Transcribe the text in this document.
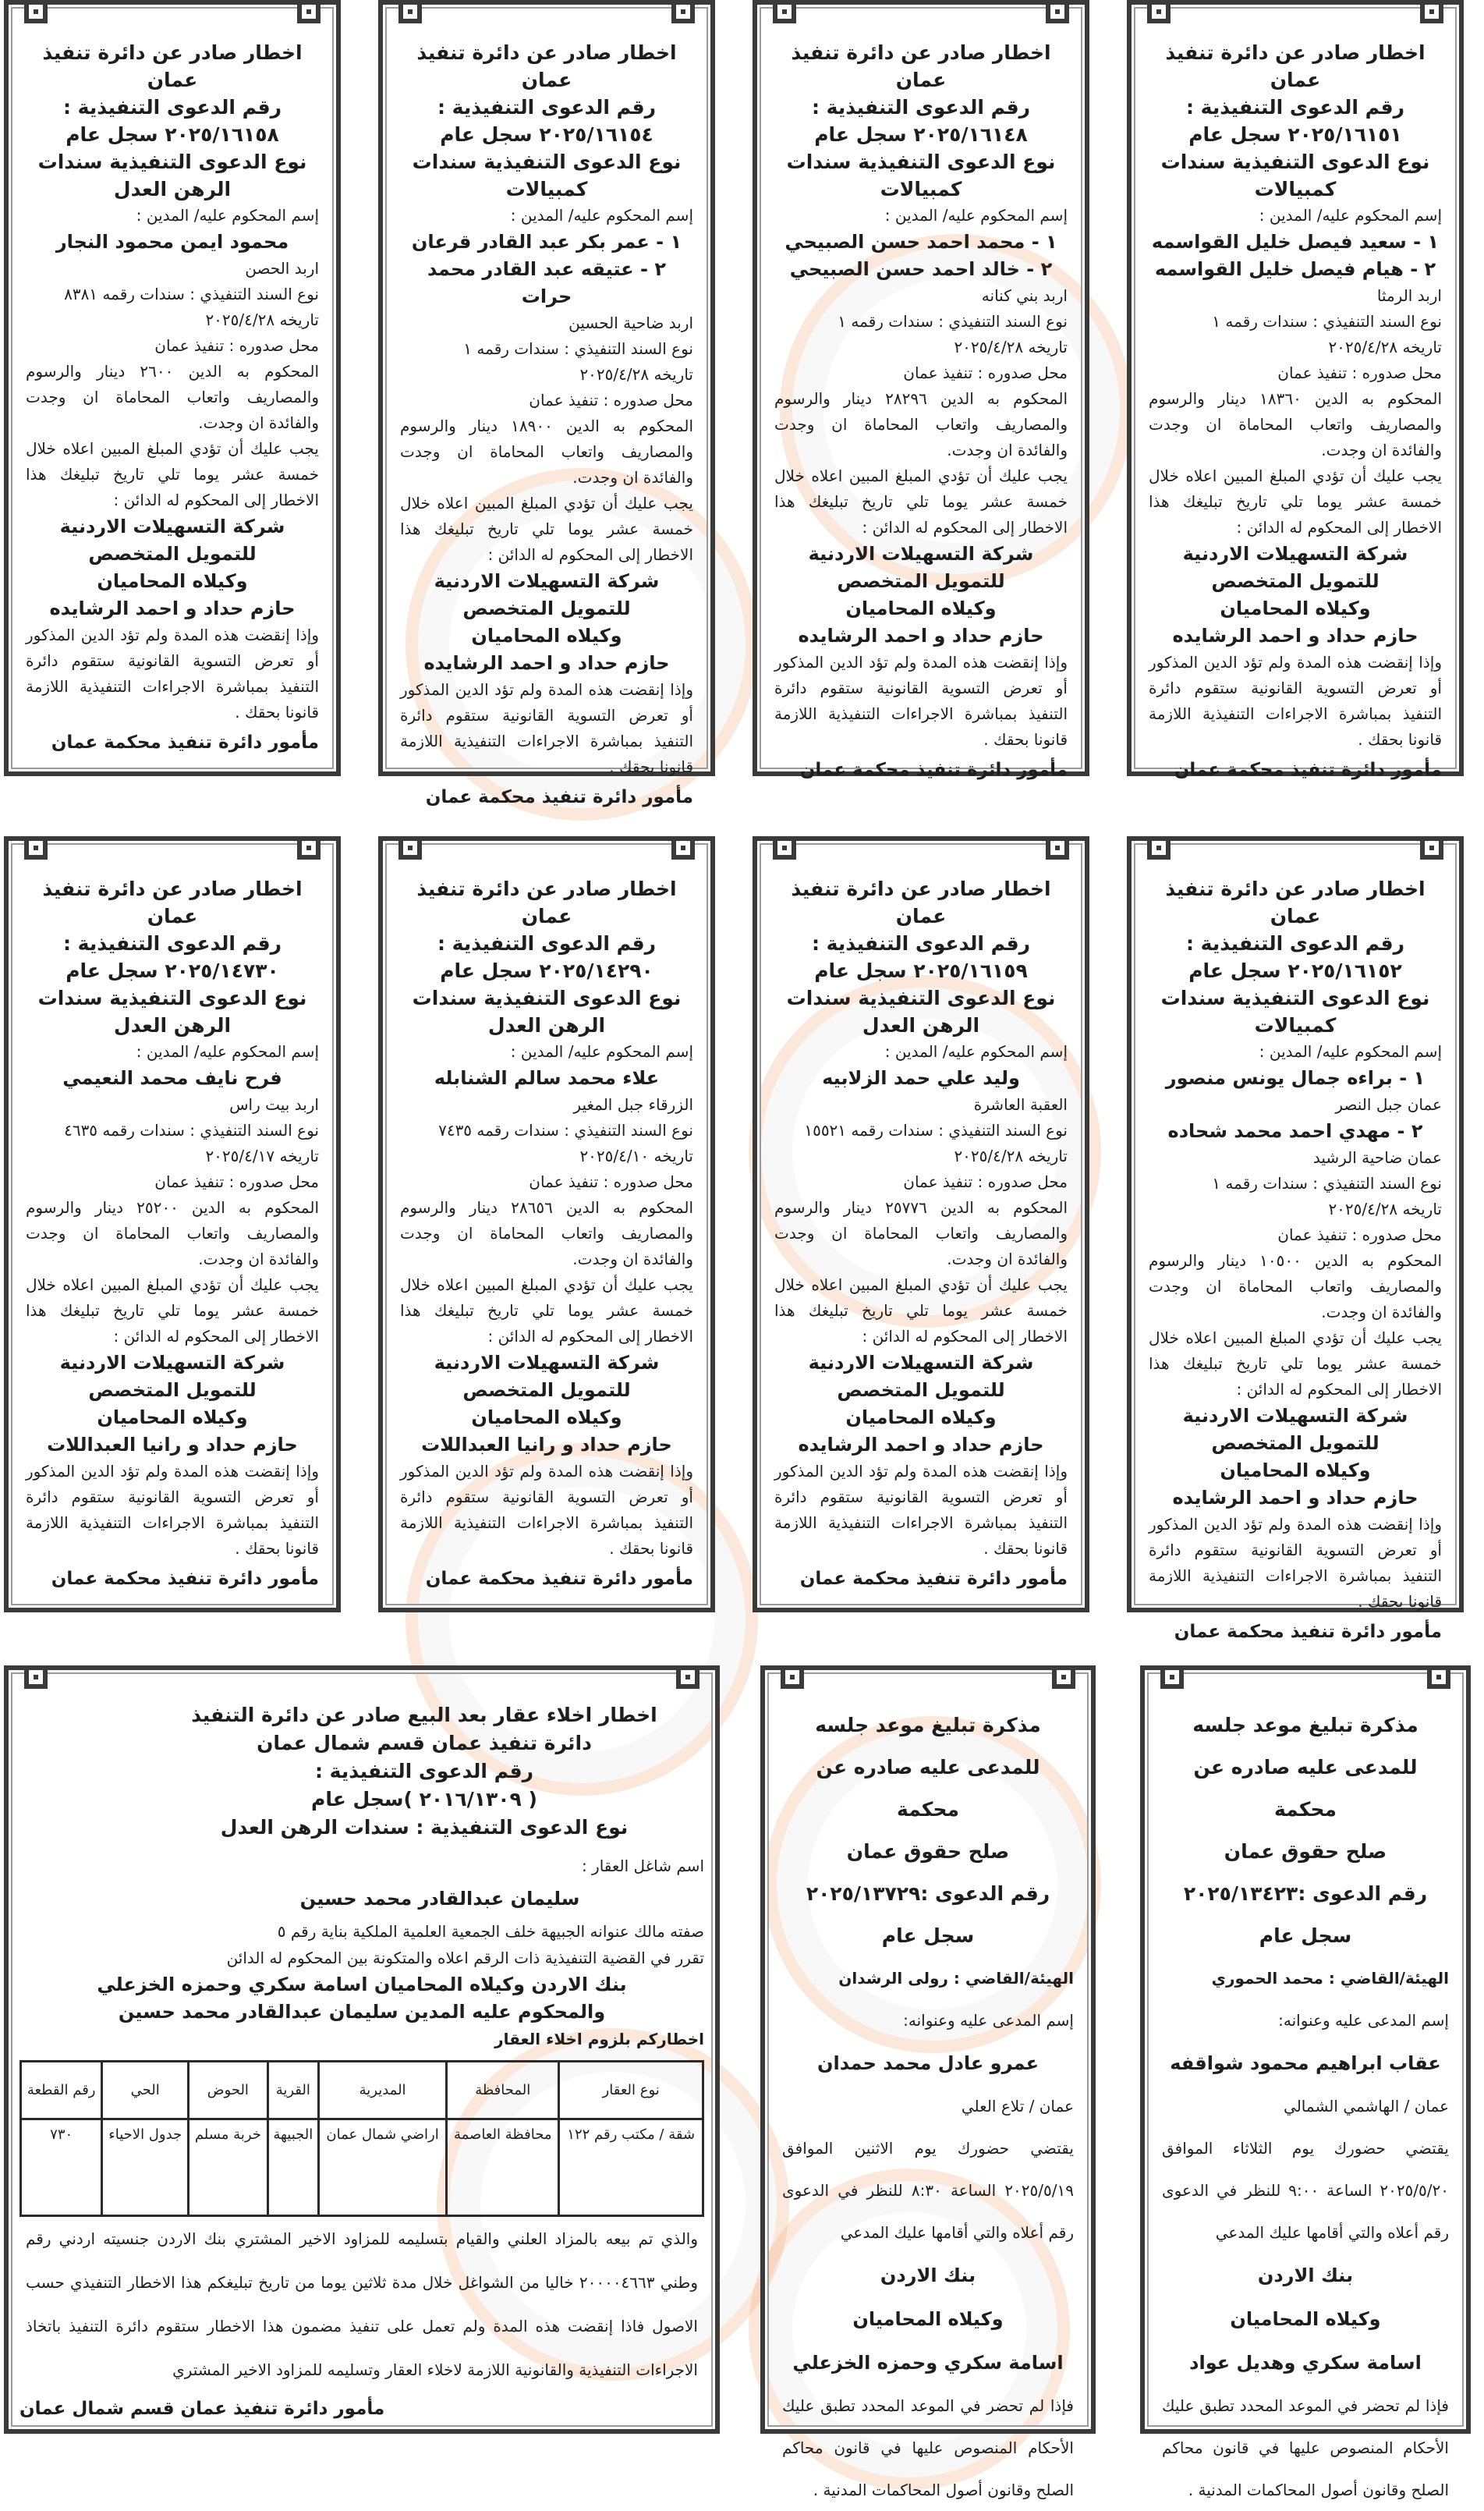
اخطار صادر عن دائرة تنفيذ عمان
رقم الدعوى التنفيذية :
٢٠٢٥/١٦١٥١ سجل عام
نوع الدعوى التنفيذية سندات كمبيالات
إسم المحكوم عليه/ المدين :
١ - سعيد فيصل خليل القواسمه
٢ - هيام فيصل خليل القواسمه
اربد الرمثا
نوع السند التنفيذي : سندات رقمه ١
تاريخه ٢٠٢٥/٤/٢٨
محل صدوره : تنفيذ عمان
المحكوم به الدين ١٨٣٦٠ دينار والرسوم والمصاريف واتعاب المحاماة ان وجدت والفائدة ان وجدت.
يجب عليك أن تؤدي المبلغ المبين اعلاه خلال خمسة عشر يوما تلي تاريخ تبليغك هذا الاخطار إلى المحكوم له الدائن :
شركة التسهيلات الاردنية للتمويل المتخصص
وكيلاه المحاميان
حازم حداد و احمد الرشايده
وإذا إنقضت هذه المدة ولم تؤد الدين المذكور أو تعرض التسوية القانونية ستقوم دائرة التنفيذ بمباشرة الاجراءات التنفيذية اللازمة قانونا بحقك .
مأمور دائرة تنفيذ محكمة عمان
اخطار صادر عن دائرة تنفيذ عمان
رقم الدعوى التنفيذية :
٢٠٢٥/١٦١٤٨ سجل عام
نوع الدعوى التنفيذية سندات كمبيالات
إسم المحكوم عليه/ المدين :
١ - محمد احمد حسن الصبيحي
٢ - خالد احمد حسن الصبيحي
اربد بني كنانه
نوع السند التنفيذي : سندات رقمه ١
تاريخه ٢٠٢٥/٤/٢٨
محل صدوره : تنفيذ عمان
المحكوم به الدين ٢٨٢٩٦ دينار والرسوم والمصاريف واتعاب المحاماة ان وجدت والفائدة ان وجدت.
يجب عليك أن تؤدي المبلغ المبين اعلاه خلال خمسة عشر يوما تلي تاريخ تبليغك هذا الاخطار إلى المحكوم له الدائن :
شركة التسهيلات الاردنية للتمويل المتخصص
وكيلاه المحاميان
حازم حداد و احمد الرشايده
وإذا إنقضت هذه المدة ولم تؤد الدين المذكور أو تعرض التسوية القانونية ستقوم دائرة التنفيذ بمباشرة الاجراءات التنفيذية اللازمة قانونا بحقك .
مأمور دائرة تنفيذ محكمة عمان
اخطار صادر عن دائرة تنفيذ عمان
رقم الدعوى التنفيذية :
٢٠٢٥/١٦١٥٤ سجل عام
نوع الدعوى التنفيذية سندات كمبيالات
إسم المحكوم عليه/ المدين :
١ - عمر بكر عبد القادر قرعان
٢ - عتيقه عبد القادر محمد حرات
اربد ضاحية الحسين
نوع السند التنفيذي : سندات رقمه ١
تاريخه ٢٠٢٥/٤/٢٨
محل صدوره : تنفيذ عمان
المحكوم به الدين ١٨٩٠٠ دينار والرسوم والمصاريف واتعاب المحاماة ان وجدت والفائدة ان وجدت.
يجب عليك أن تؤدي المبلغ المبين اعلاه خلال خمسة عشر يوما تلي تاريخ تبليغك هذا الاخطار إلى المحكوم له الدائن :
شركة التسهيلات الاردنية للتمويل المتخصص
وكيلاه المحاميان
حازم حداد و احمد الرشايده
وإذا إنقضت هذه المدة ولم تؤد الدين المذكور أو تعرض التسوية القانونية ستقوم دائرة التنفيذ بمباشرة الاجراءات التنفيذية اللازمة قانونا بحقك .
مأمور دائرة تنفيذ محكمة عمان
اخطار صادر عن دائرة تنفيذ عمان
رقم الدعوى التنفيذية :
٢٠٢٥/١٦١٥٨ سجل عام
نوع الدعوى التنفيذية سندات الرهن العدل
إسم المحكوم عليه/ المدين :
محمود ايمن محمود النجار
اربد الحصن
نوع السند التنفيذي : سندات رقمه ٨٣٨١
تاريخه ٢٠٢٥/٤/٢٨
محل صدوره : تنفيذ عمان
المحكوم به الدين ٢٦٠٠ دينار والرسوم والمصاريف واتعاب المحاماة ان وجدت والفائدة ان وجدت.
يجب عليك أن تؤدي المبلغ المبين اعلاه خلال خمسة عشر يوما تلي تاريخ تبليغك هذا الاخطار إلى المحكوم له الدائن :
شركة التسهيلات الاردنية للتمويل المتخصص
وكيلاه المحاميان
حازم حداد و احمد الرشايده
وإذا إنقضت هذه المدة ولم تؤد الدين المذكور أو تعرض التسوية القانونية ستقوم دائرة التنفيذ بمباشرة الاجراءات التنفيذية اللازمة قانونا بحقك .
مأمور دائرة تنفيذ محكمة عمان
اخطار صادر عن دائرة تنفيذ عمان
رقم الدعوى التنفيذية :
٢٠٢٥/١٦١٥٢ سجل عام
نوع الدعوى التنفيذية سندات كمبيالات
إسم المحكوم عليه/ المدين :
١ - براءه جمال يونس منصور
عمان جبل النصر
٢ - مهدي احمد محمد شحاده
عمان ضاحية الرشيد
نوع السند التنفيذي : سندات رقمه ١
تاريخه ٢٠٢٥/٤/٢٨
محل صدوره : تنفيذ عمان
المحكوم به الدين ١٠٥٠٠ دينار والرسوم والمصاريف واتعاب المحاماة ان وجدت والفائدة ان وجدت.
يجب عليك أن تؤدي المبلغ المبين اعلاه خلال خمسة عشر يوما تلي تاريخ تبليغك هذا الاخطار إلى المحكوم له الدائن :
شركة التسهيلات الاردنية للتمويل المتخصص
وكيلاه المحاميان
حازم حداد و احمد الرشايده
وإذا إنقضت هذه المدة ولم تؤد الدين المذكور أو تعرض التسوية القانونية ستقوم دائرة التنفيذ بمباشرة الاجراءات التنفيذية اللازمة قانونا بحقك .
مأمور دائرة تنفيذ محكمة عمان
اخطار صادر عن دائرة تنفيذ عمان
رقم الدعوى التنفيذية :
٢٠٢٥/١٦١٥٩ سجل عام
نوع الدعوى التنفيذية سندات الرهن العدل
إسم المحكوم عليه/ المدين :
وليد علي حمد الزلابيه
العقبة العاشرة
نوع السند التنفيذي : سندات رقمه ١٥٥٢١
تاريخه ٢٠٢٥/٤/٢٨
محل صدوره : تنفيذ عمان
المحكوم به الدين ٢٥٧٧٦ دينار والرسوم والمصاريف واتعاب المحاماة ان وجدت والفائدة ان وجدت.
يجب عليك أن تؤدي المبلغ المبين اعلاه خلال خمسة عشر يوما تلي تاريخ تبليغك هذا الاخطار إلى المحكوم له الدائن :
شركة التسهيلات الاردنية للتمويل المتخصص
وكيلاه المحاميان
حازم حداد و احمد الرشايده
وإذا إنقضت هذه المدة ولم تؤد الدين المذكور أو تعرض التسوية القانونية ستقوم دائرة التنفيذ بمباشرة الاجراءات التنفيذية اللازمة قانونا بحقك .
مأمور دائرة تنفيذ محكمة عمان
اخطار صادر عن دائرة تنفيذ عمان
رقم الدعوى التنفيذية :
٢٠٢٥/١٤٢٩٠ سجل عام
نوع الدعوى التنفيذية سندات الرهن العدل
إسم المحكوم عليه/ المدين :
علاء محمد سالم الشنابله
الزرقاء جبل المغير
نوع السند التنفيذي : سندات رقمه ٧٤٣٥
تاريخه ٢٠٢٥/٤/١٠
محل صدوره : تنفيذ عمان
المحكوم به الدين ٢٨٦٥٦ دينار والرسوم والمصاريف واتعاب المحاماة ان وجدت والفائدة ان وجدت.
يجب عليك أن تؤدي المبلغ المبين اعلاه خلال خمسة عشر يوما تلي تاريخ تبليغك هذا الاخطار إلى المحكوم له الدائن :
شركة التسهيلات الاردنية للتمويل المتخصص
وكيلاه المحاميان
حازم حداد و رانيا العبداللات
وإذا إنقضت هذه المدة ولم تؤد الدين المذكور أو تعرض التسوية القانونية ستقوم دائرة التنفيذ بمباشرة الاجراءات التنفيذية اللازمة قانونا بحقك .
مأمور دائرة تنفيذ محكمة عمان
اخطار صادر عن دائرة تنفيذ عمان
رقم الدعوى التنفيذية :
٢٠٢٥/١٤٧٣٠ سجل عام
نوع الدعوى التنفيذية سندات الرهن العدل
إسم المحكوم عليه/ المدين :
فرح نايف محمد النعيمي
اربد بيت راس
نوع السند التنفيذي : سندات رقمه ٤٦٣٥
تاريخه ٢٠٢٥/٤/١٧
محل صدوره : تنفيذ عمان
المحكوم به الدين ٢٥٢٠٠ دينار والرسوم والمصاريف واتعاب المحاماة ان وجدت والفائدة ان وجدت.
يجب عليك أن تؤدي المبلغ المبين اعلاه خلال خمسة عشر يوما تلي تاريخ تبليغك هذا الاخطار إلى المحكوم له الدائن :
شركة التسهيلات الاردنية للتمويل المتخصص
وكيلاه المحاميان
حازم حداد و رانيا العبداللات
وإذا إنقضت هذه المدة ولم تؤد الدين المذكور أو تعرض التسوية القانونية ستقوم دائرة التنفيذ بمباشرة الاجراءات التنفيذية اللازمة قانونا بحقك .
مأمور دائرة تنفيذ محكمة عمان
مذكرة تبليغ موعد جلسه
للمدعى عليه صادره عن محكمة
صلح حقوق عمان
رقم الدعوى :٢٠٢٥/١٣٤٢٣
سجل عام
الهيئة/القاضي : محمد الحموري
إسم المدعى عليه وعنوانه:
عقاب ابراهيم محمود شواقفه
عمان / الهاشمي الشمالي
يقتضي حضورك يوم الثلاثاء الموافق ٢٠٢٥/٥/٢٠ الساعة ٩:٠٠ للنظر في الدعوى رقم أعلاه والتي أقامها عليك المدعي
بنك الاردن
وكيلاه المحاميان
اسامة سكري وهديل عواد
فإذا لم تحضر في الموعد المحدد تطبق عليك الأحكام المنصوص عليها في قانون محاكم الصلح وقانون أصول المحاكمات المدنية .
مذكرة تبليغ موعد جلسه
للمدعى عليه صادره عن محكمة
صلح حقوق عمان
رقم الدعوى :٢٠٢٥/١٣٧٢٩
سجل عام
الهيئة/القاضي : رولى الرشدان
إسم المدعى عليه وعنوانه:
عمرو عادل محمد حمدان
عمان / تلاع العلي
يقتضي حضورك يوم الاثنين الموافق ٢٠٢٥/٥/١٩ الساعة ٨:٣٠ للنظر في الدعوى رقم أعلاه والتي أقامها عليك المدعي
بنك الاردن
وكيلاه المحاميان
اسامة سكري وحمزه الخزعلي
فإذا لم تحضر في الموعد المحدد تطبق عليك الأحكام المنصوص عليها في قانون محاكم الصلح وقانون أصول المحاكمات المدنية .
اخطار اخلاء عقار بعد البيع صادر عن دائرة التنفيذ
دائرة تنفيذ عمان قسم شمال عمان
رقم الدعوى التنفيذية :
( ٢٠١٦/١٣٠٩ )سجل عام
نوع الدعوى التنفيذية : سندات الرهن العدل
اسم شاغل العقار :
سليمان عبدالقادر محمد حسين
صفته مالك عنوانه الجبيهة خلف الجمعية العلمية الملكية بناية رقم ٥
تقرر في القضية التنفيذية ذات الرقم اعلاه والمتكونة بين المحكوم له الدائن
بنك الاردن وكيلاه المحاميان اسامة سكري وحمزه الخزعلي
والمحكوم عليه المدين سليمان عبدالقادر محمد حسين
اخطاركم بلزوم اخلاء العقار
نوع العقار	المحافظة	المديرية	القرية	الحوض	الحي	رقم القطعة
شقة / مكتب رقم ١٢٢	محافظة العاصمة	اراضي شمال عمان	الجبيهة	خربة مسلم	جدول الاحياء	٧٣٠
والذي تم بيعه بالمزاد العلني والقيام بتسليمه للمزاود الاخير المشتري بنك الاردن جنسيته اردني رقم وطني ٢٠٠٠٠٤٦٦٣ خاليا من الشواغل خلال مدة ثلاثين يوما من تاريخ تبليغكم هذا الاخطار التنفيذي حسب الاصول فاذا إنقضت هذه المدة ولم تعمل على تنفيذ مضمون هذا الاخطار ستقوم دائرة التنفيذ باتخاذ الاجراءات التنفيذية والقانونية اللازمة لاخلاء العقار وتسليمه للمزاود الاخير المشتري
مأمور دائرة تنفيذ عمان قسم شمال عمان
